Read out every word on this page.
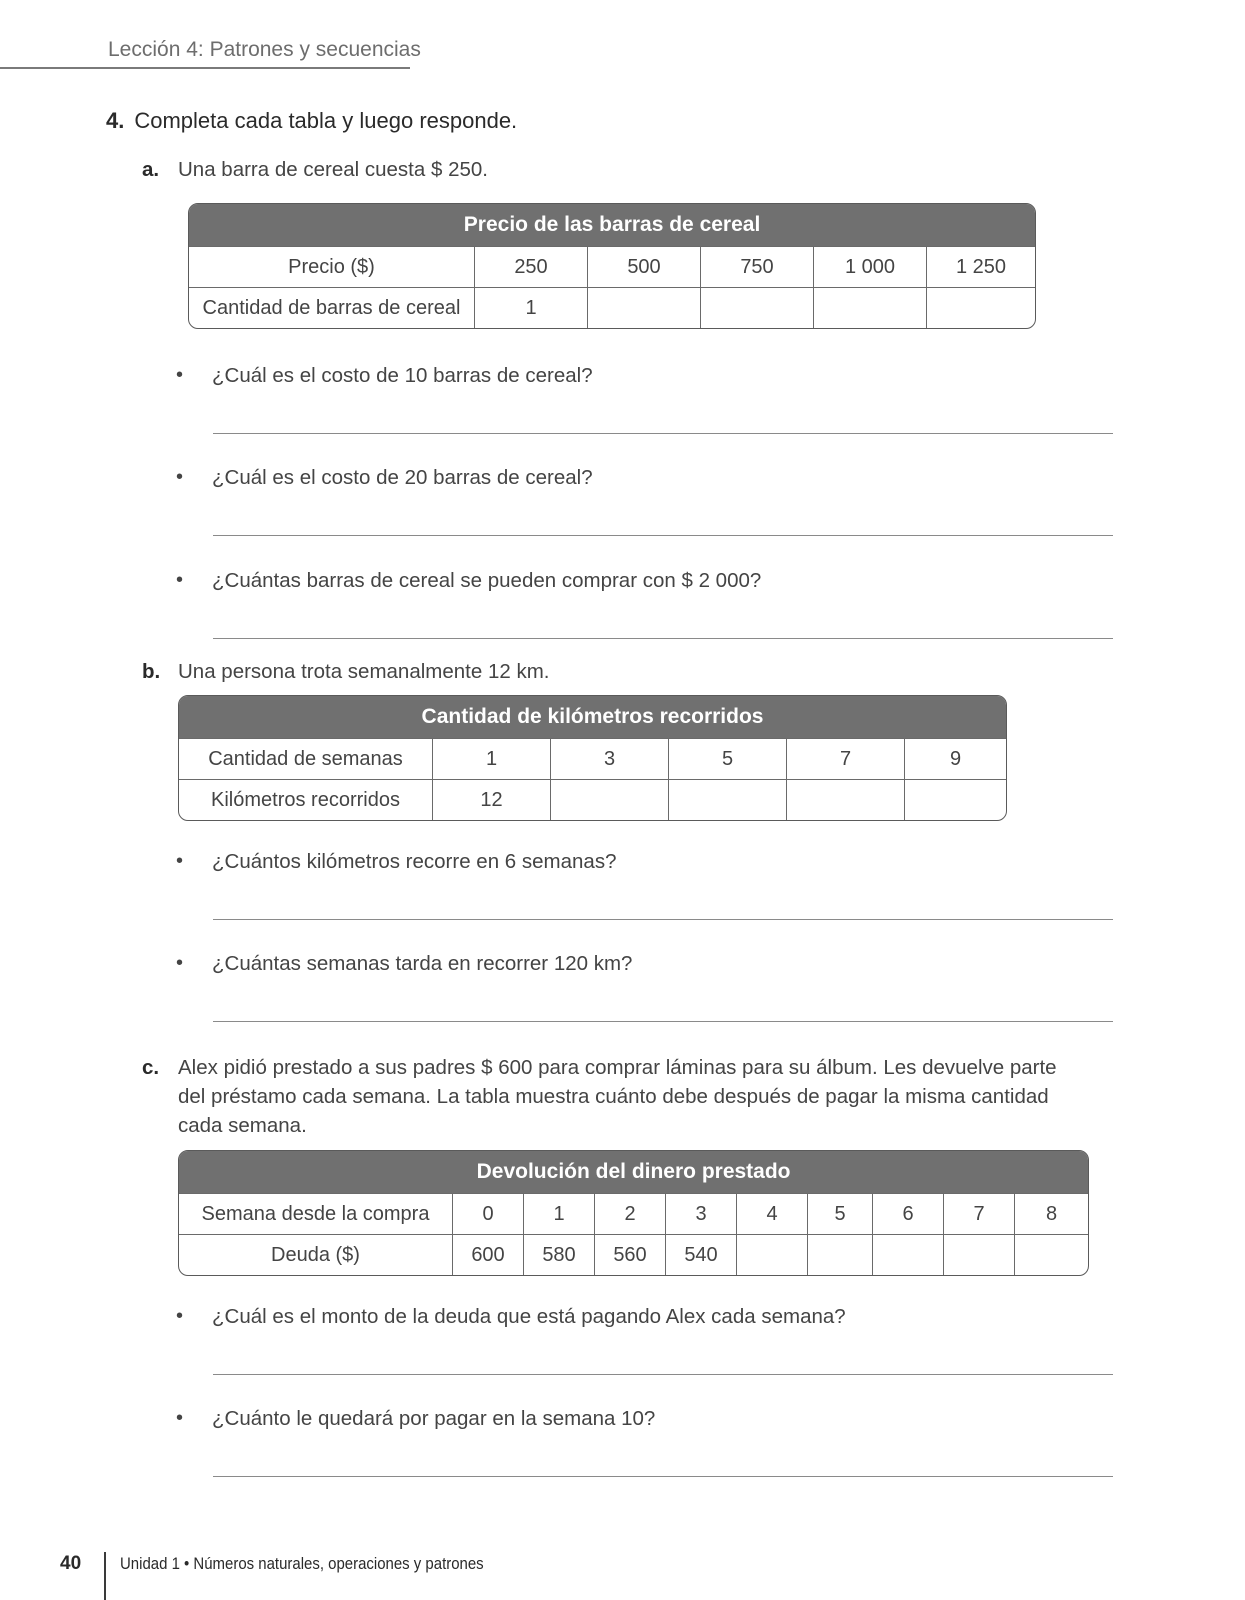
Lección 4: Patrones y secuencias
4. Completa cada tabla y luego responde.
a. Una barra de cereal cuesta $ 250.
Precio de las barras de cereal					
Precio ($)	250	500	750	1 000	1 250
Cantidad de barras de cereal	1				
•	¿Cuál es el costo de 10 barras de cereal?
•	¿Cuál es el costo de 20 barras de cereal?
•	¿Cuántas barras de cereal se pueden comprar con $ 2 000?
b. Una persona trota semanalmente 12 km.
Cantidad de kilómetros recorridos					
Cantidad de semanas	1	3	5	7	9
Kilómetros recorridos	12				
•	¿Cuántos kilómetros recorre en 6 semanas?
•	¿Cuántas semanas tarda en recorrer 120 km?
c. Alex pidió prestado a sus padres $ 600 para comprar láminas para su álbum. Les devuelve parte del préstamo cada semana. La tabla muestra cuánto debe después de pagar la misma cantidad cada semana.
Devolución del dinero prestado									
Semana desde la compra	0	1	2	3	4	5	6	7	8
Deuda ($)	600	580	560	540					
•	¿Cuál es el monto de la deuda que está pagando Alex cada semana?
•	¿Cuánto le quedará por pagar en la semana 10?
40 Unidad 1 • Números naturales, operaciones y patrones
